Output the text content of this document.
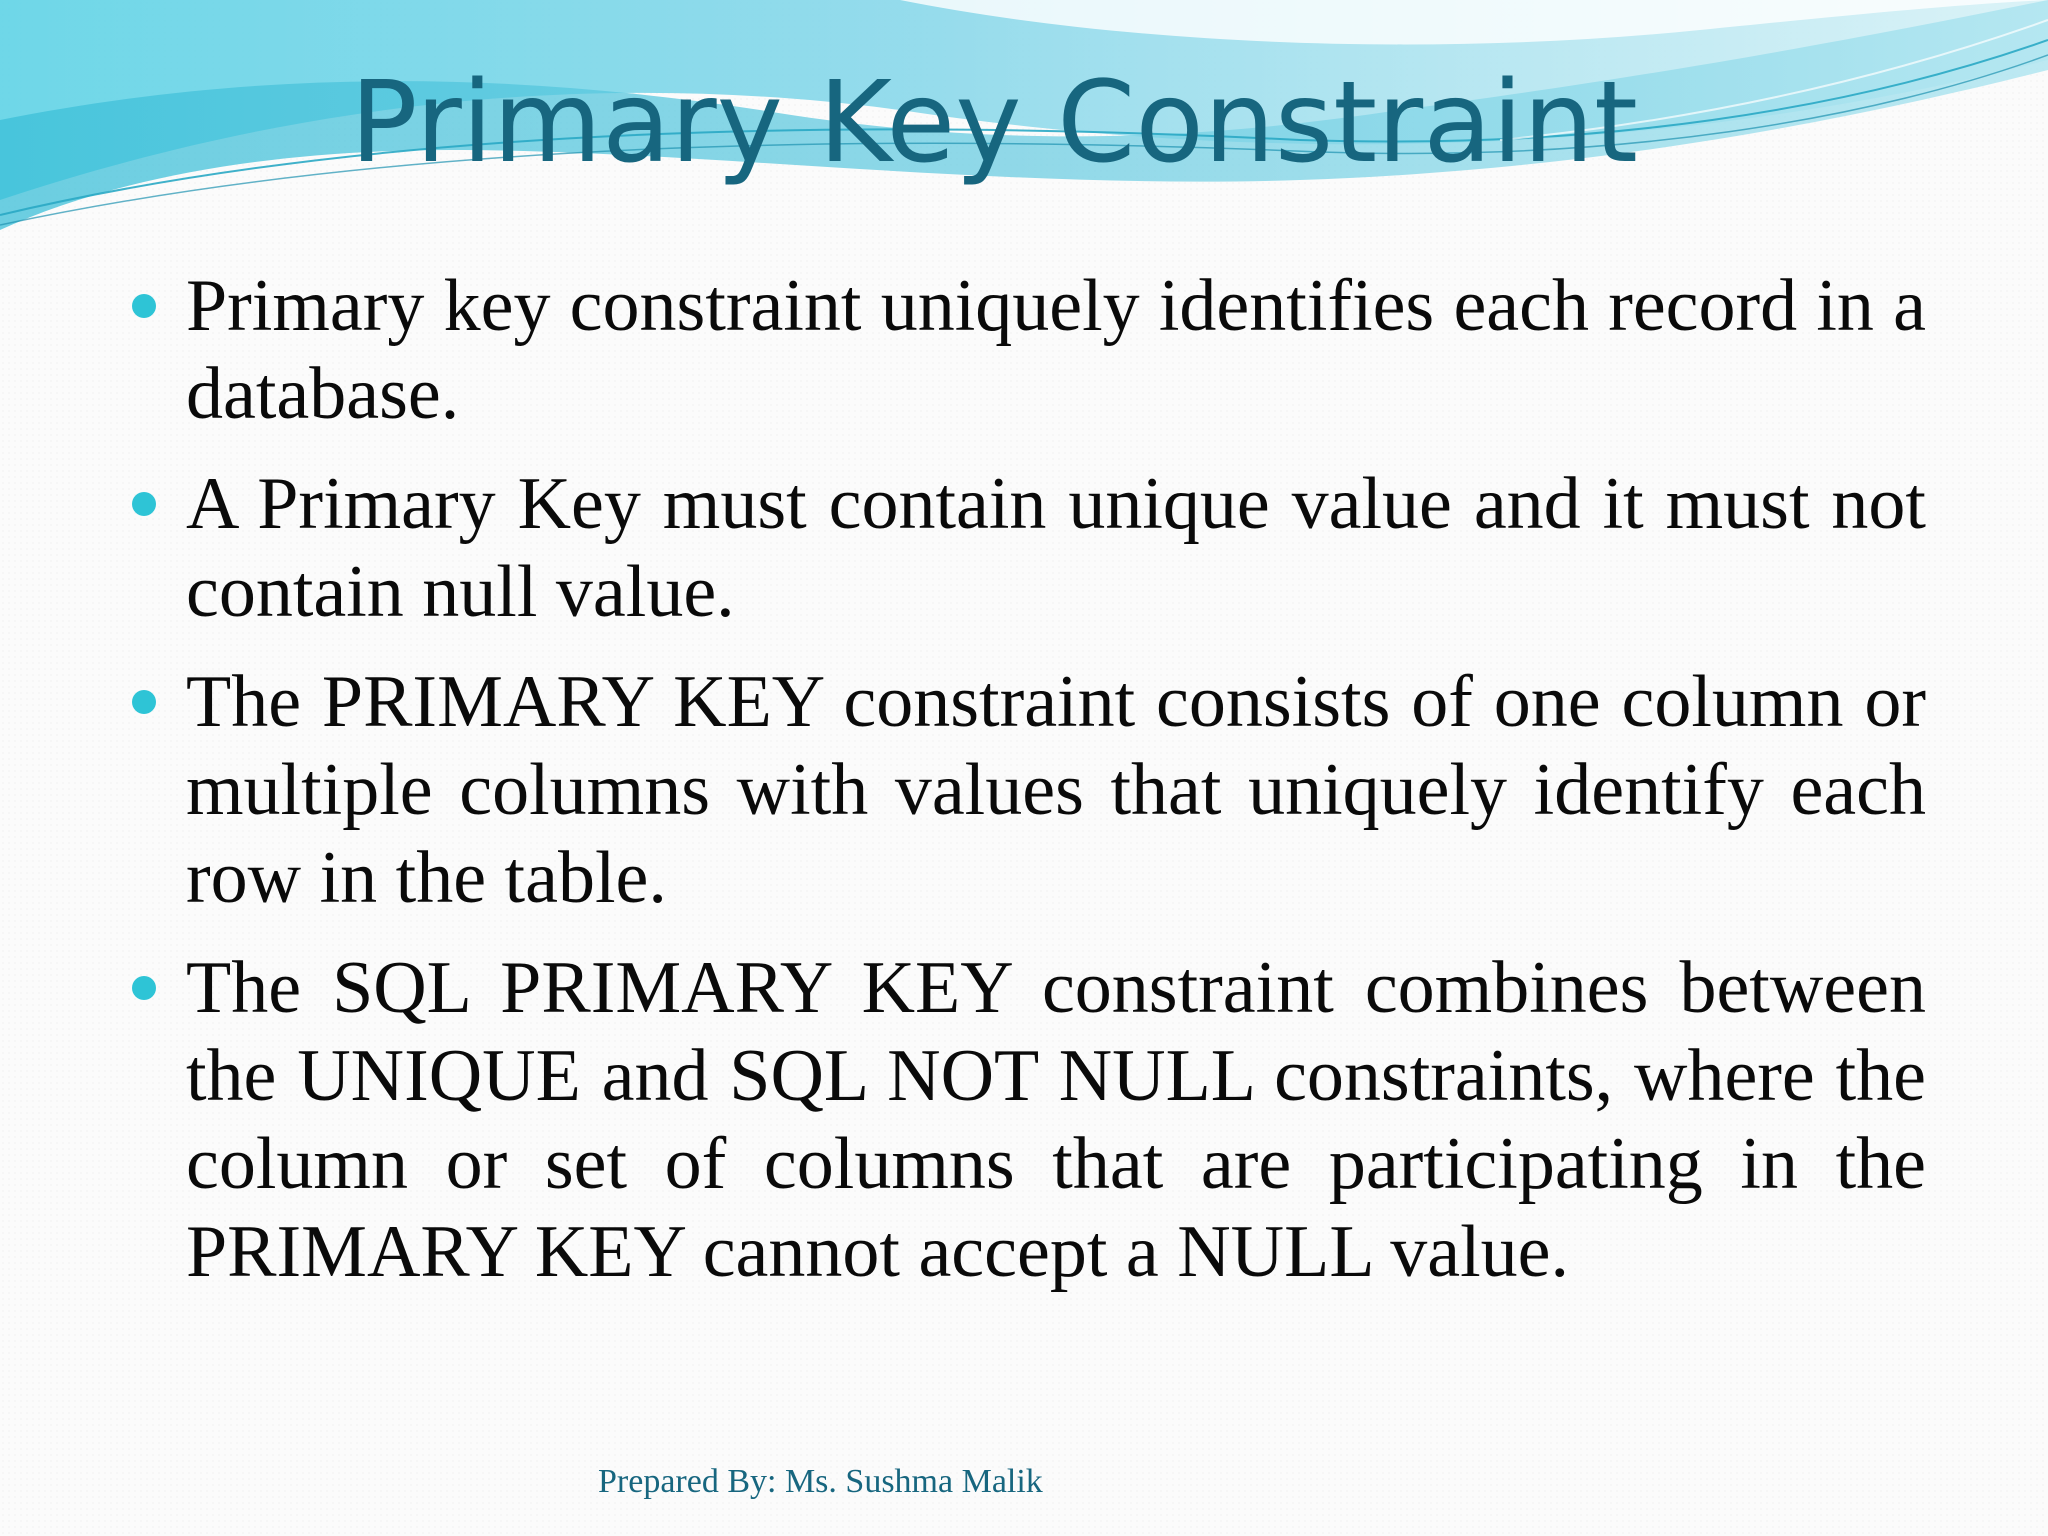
Primary Key Constraint
Primary key constraint uniquely identifies each record in a database.
A Primary Key must contain unique value and it must not contain null value.
The PRIMARY KEY constraint consists of one column or multiple columns with values that uniquely identify each row in the table.
The SQL PRIMARY KEY constraint combines between the UNIQUE and SQL NOT NULL constraints, where the column or set of columns that are participating in the PRIMARY KEY cannot accept a NULL value.
Prepared By: Ms. Sushma Malik
